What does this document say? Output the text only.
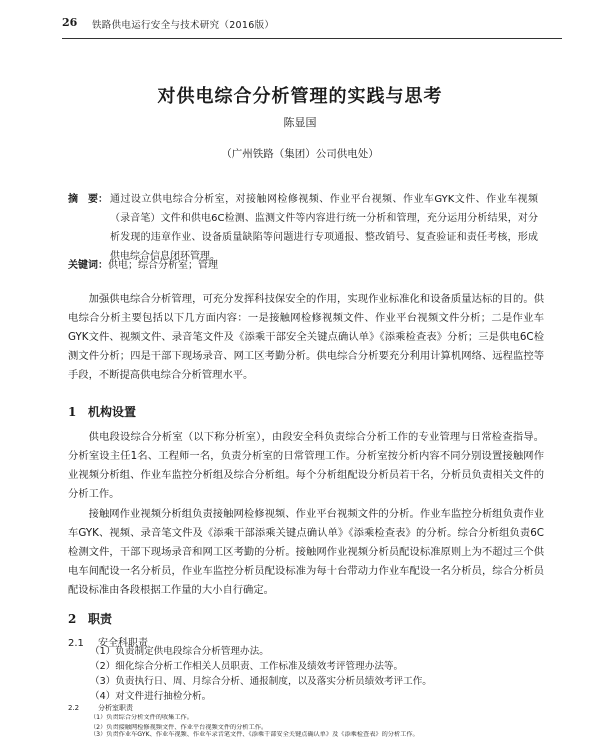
26 铁路供电运行安全与技术研究（2016版）
对供电综合分析管理的实践与思考
陈显国
（广州铁路（集团）公司供电处）
摘　要： 通过设立供电综合分析室，对接触网检修视频、作业平台视频、作业车GYK文件、作业车视频（录音笔）文件和供电6C检测、监测文件等内容进行统一分析和管理，充分运用分析结果，对分析发现的违章作业、设备质量缺陷等问题进行专项通报、整改销号、复查验证和责任考核，形成供电综合信息闭环管理。
关键词：供电；综合分析室；管理
加强供电综合分析管理，可充分发挥科技保安全的作用，实现作业标准化和设备质量达标的目的。供电综合分析主要包括以下几方面内容：一是接触网检修视频文件、作业平台视频文件分析；二是作业车GYK文件、视频文件、录音笔文件及《添乘干部安全关键点确认单》《添乘检查表》分析；三是供电6C检测文件分析；四是干部下现场录音、网工区考勤分析。供电综合分析要充分利用计算机网络、远程监控等手段，不断提高供电综合分析管理水平。
1 机构设置
供电段设综合分析室（以下称分析室），由段安全科负责综合分析工作的专业管理与日常检查指导。分析室设主任1名、工程师一名，负责分析室的日常管理工作。分析室按分析内容不同分别设置接触网作业视频分析组、作业车监控分析组及综合分析组。每个分析组配设分析员若干名，分析员负责相关文件的分析工作。
接触网作业视频分析组负责接触网检修视频、作业平台视频文件的分析。作业车监控分析组负责作业车GYK、视频、录音笔文件及《添乘干部添乘关键点确认单》《添乘检查表》的分析。综合分析组负责6C检测文件，干部下现场录音和网工区考勤的分析。接触网作业视频分析员配设标准原则上为不超过三个供电车间配设一名分析员，作业车监控分析员配设标准为每十台带动力作业车配设一名分析员，综合分析员配设标准由各段根据工作量的大小自行确定。
2 职责
2.1 安全科职责
（1）负责制定供电段综合分析管理办法。
（2）细化综合分析工作相关人员职责、工作标准及绩效考评管理办法等。
（3）负责执行日、周、月综合分析、通报制度，以及落实分析员绩效考评工作。
（4）对文件进行抽检分析。
2.2	分析室职责
（1）负责综合分析文件的收集工作。
（2）负责接触网检修视频文件、作业平台视频文件的分析工作。
（3）负责作业车GYK、作业车视频、作业车录音笔文件、《添乘干部安全关键点确认单》及《添乘检查表》的分析工作。
